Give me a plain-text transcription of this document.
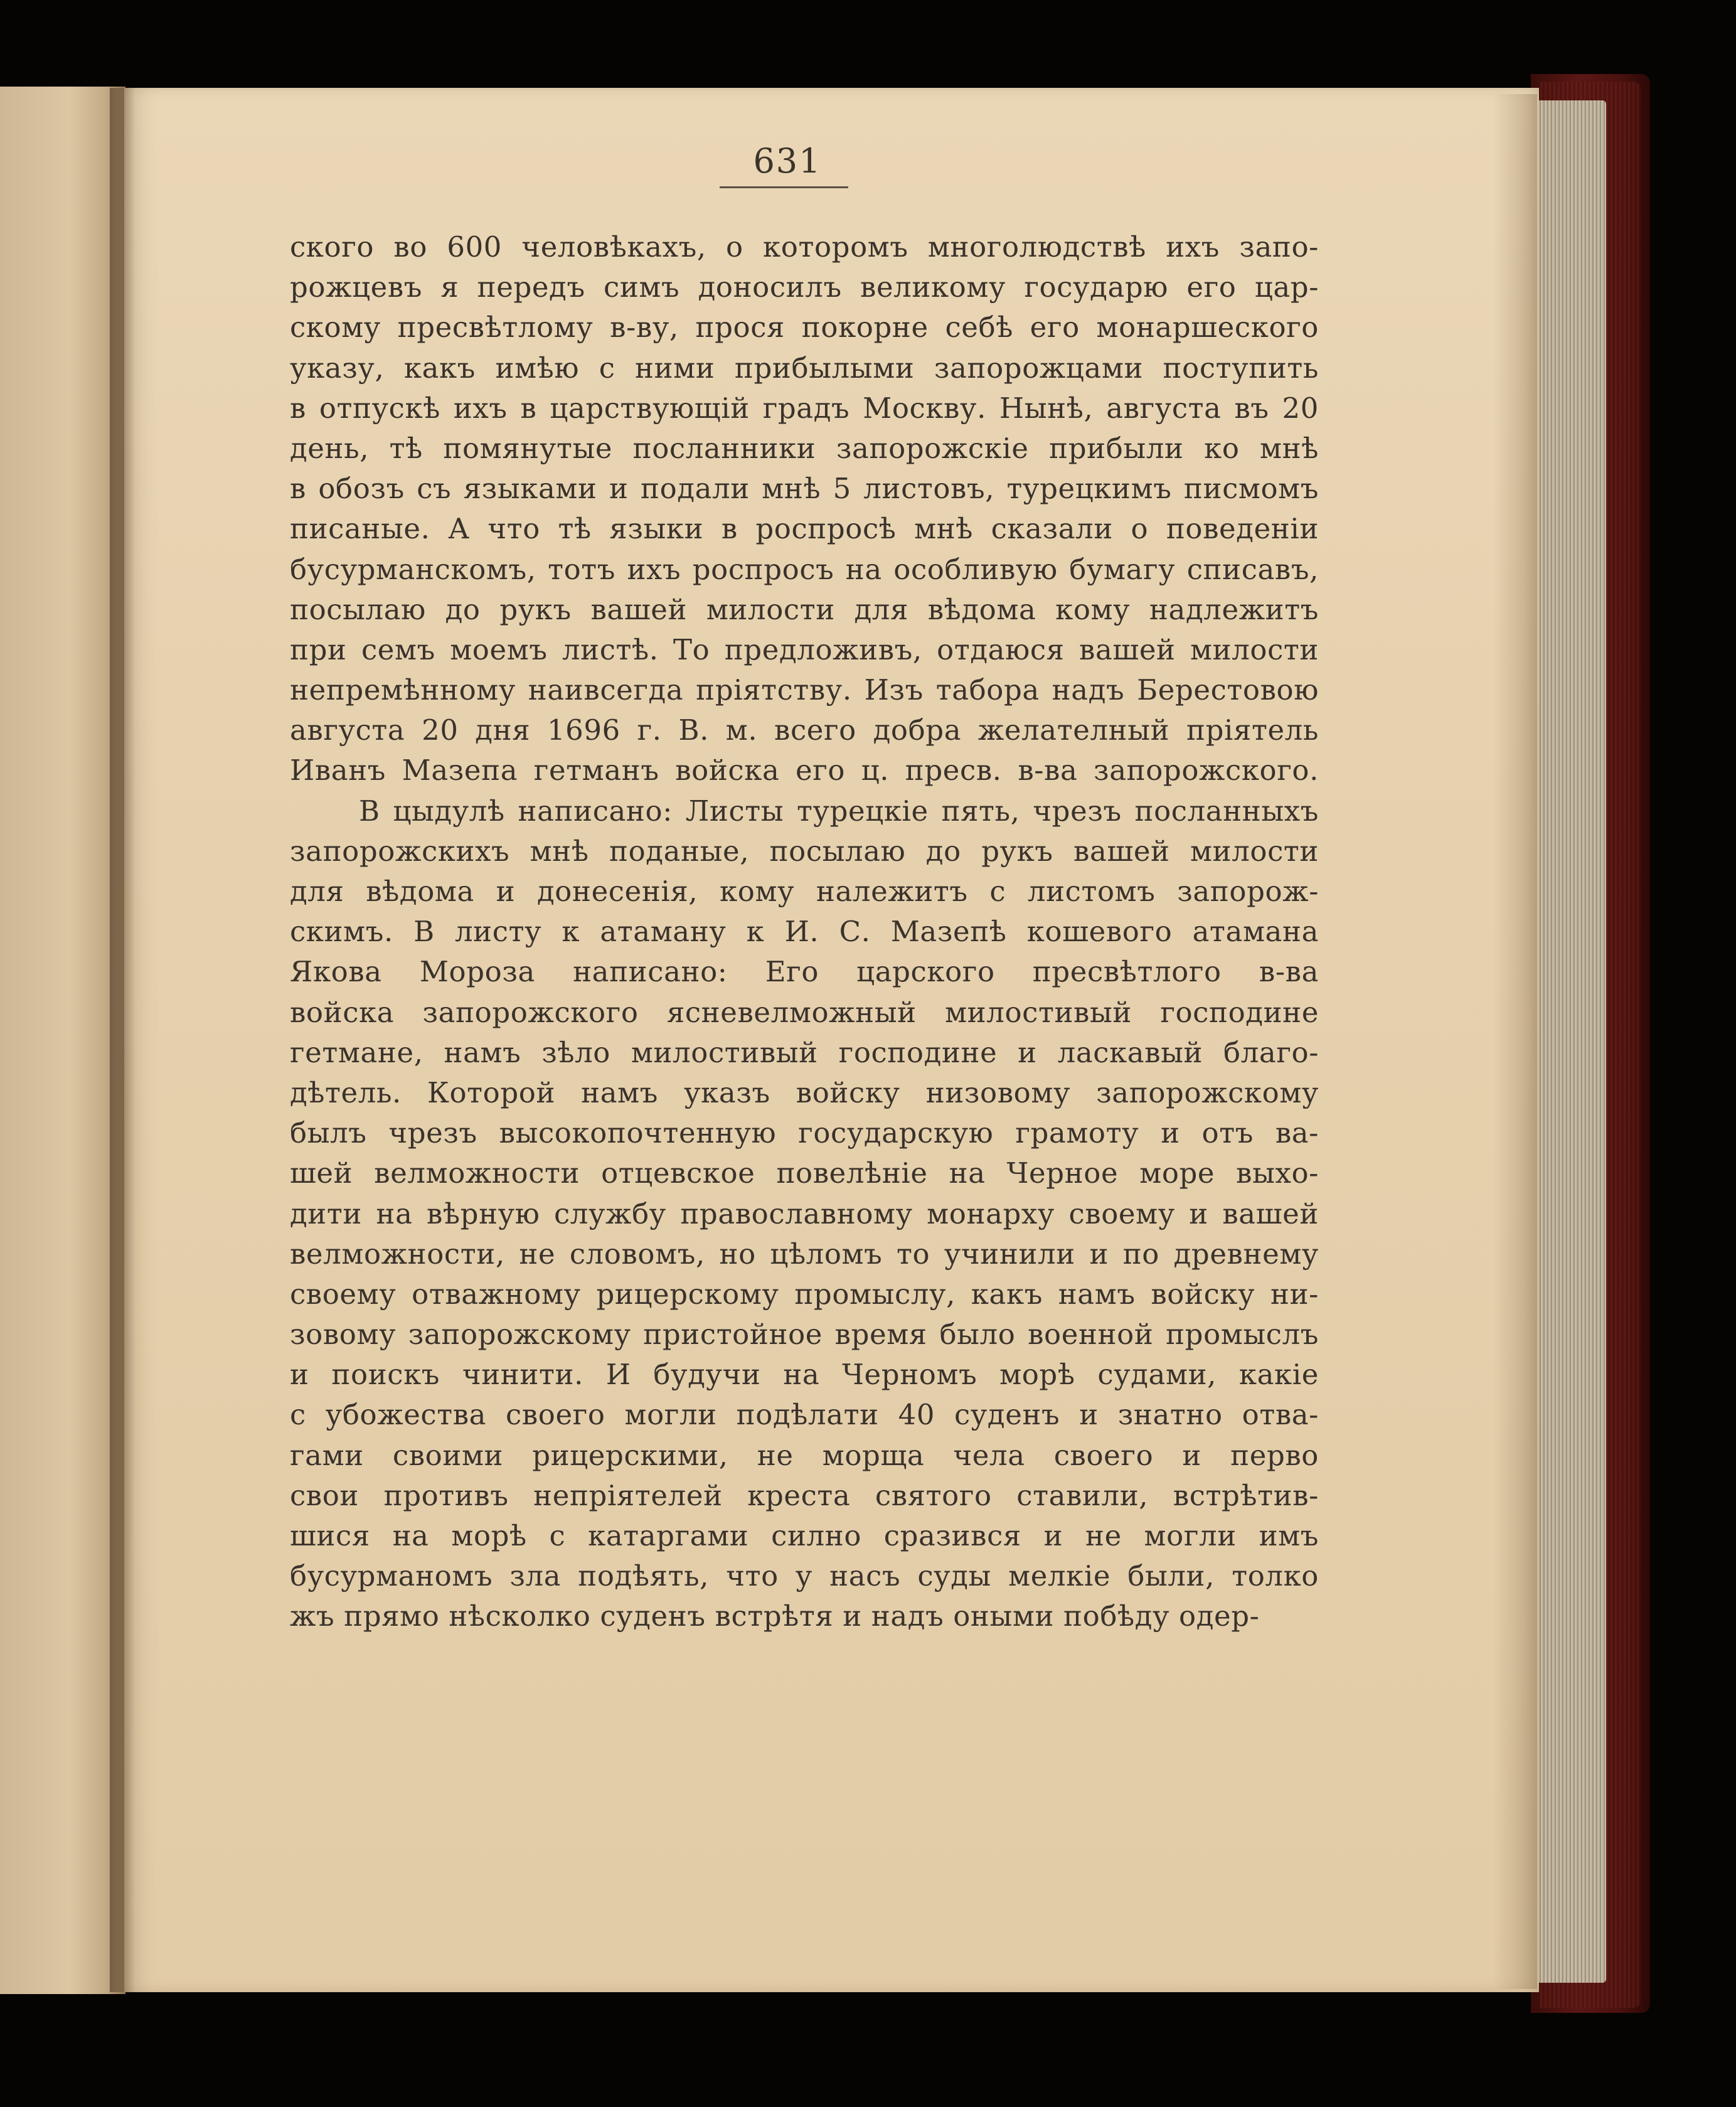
631
ского во 600 человѣкахъ, о которомъ многолюдствѣ ихъ запо-
рожцевъ я передъ симъ доносилъ великому государю его цар-
скому пресвѣтлому в-ву, прося покорне себѣ его монаршеского
указу, какъ имѣю с ними прибылыми запорожцами поступить
в отпускѣ ихъ в царствующій градъ Москву. Нынѣ, августа въ 20
день, тѣ помянутые посланники запорожскіе прибыли ко мнѣ
в обозъ съ языками и подали мнѣ 5 листовъ, турецкимъ писмомъ
писаные. А что тѣ языки в роспросѣ мнѣ сказали о поведеніи
бусурманскомъ, тотъ ихъ роспросъ на особливую бумагу списавъ,
посылаю до рукъ вашей милости для вѣдома кому надлежитъ
при семъ моемъ листѣ. То предложивъ, отдаюся вашей милости
непремѣнному наивсегда пріятству. Изъ табора надъ Берестовою
августа 20 дня 1696 г. В. м. всего добра желателный пріятель
Иванъ Мазепа гетманъ войска его ц. пресв. в-ва запорожского.
В цыдулѣ написано: Листы турецкіе пять, чрезъ посланныхъ
запорожскихъ мнѣ поданые, посылаю до рукъ вашей милости
для вѣдома и донесенія, кому належитъ с листомъ запорож-
скимъ. В листу к атаману к И. С. Мазепѣ кошевого атамана
Якова Мороза написано: Его царского пресвѣтлого в-ва
войска запорожского ясневелможный милостивый господине
гетмане, намъ зѣло милостивый господине и ласкавый благо-
дѣтель. Которой намъ указъ войску низовому запорожскому
былъ чрезъ высокопочтенную государскую грамоту и отъ ва-
шей велможности отцевское повелѣніе на Черное море выхо-
дити на вѣрную службу православному монарху своему и вашей
велможности, не словомъ, но цѣломъ то учинили и по древнему
своему отважному рицерскому промыслу, какъ намъ войску ни-
зовому запорожскому пристойное время было военной промыслъ
и поискъ чинити. И будучи на Черномъ морѣ судами, какіе
с убожества своего могли подѣлати 40 суденъ и знатно отва-
гами своими рицерскими, не морща чела своего и перво
свои противъ непріятелей креста святого ставили, встрѣтив-
шися на морѣ с катаргами силно сразився и не могли имъ
бусурманомъ зла подѣять, что у насъ суды мелкіе были, толко
жъ прямо нѣсколко суденъ встрѣтя и надъ оными побѣду одер-
